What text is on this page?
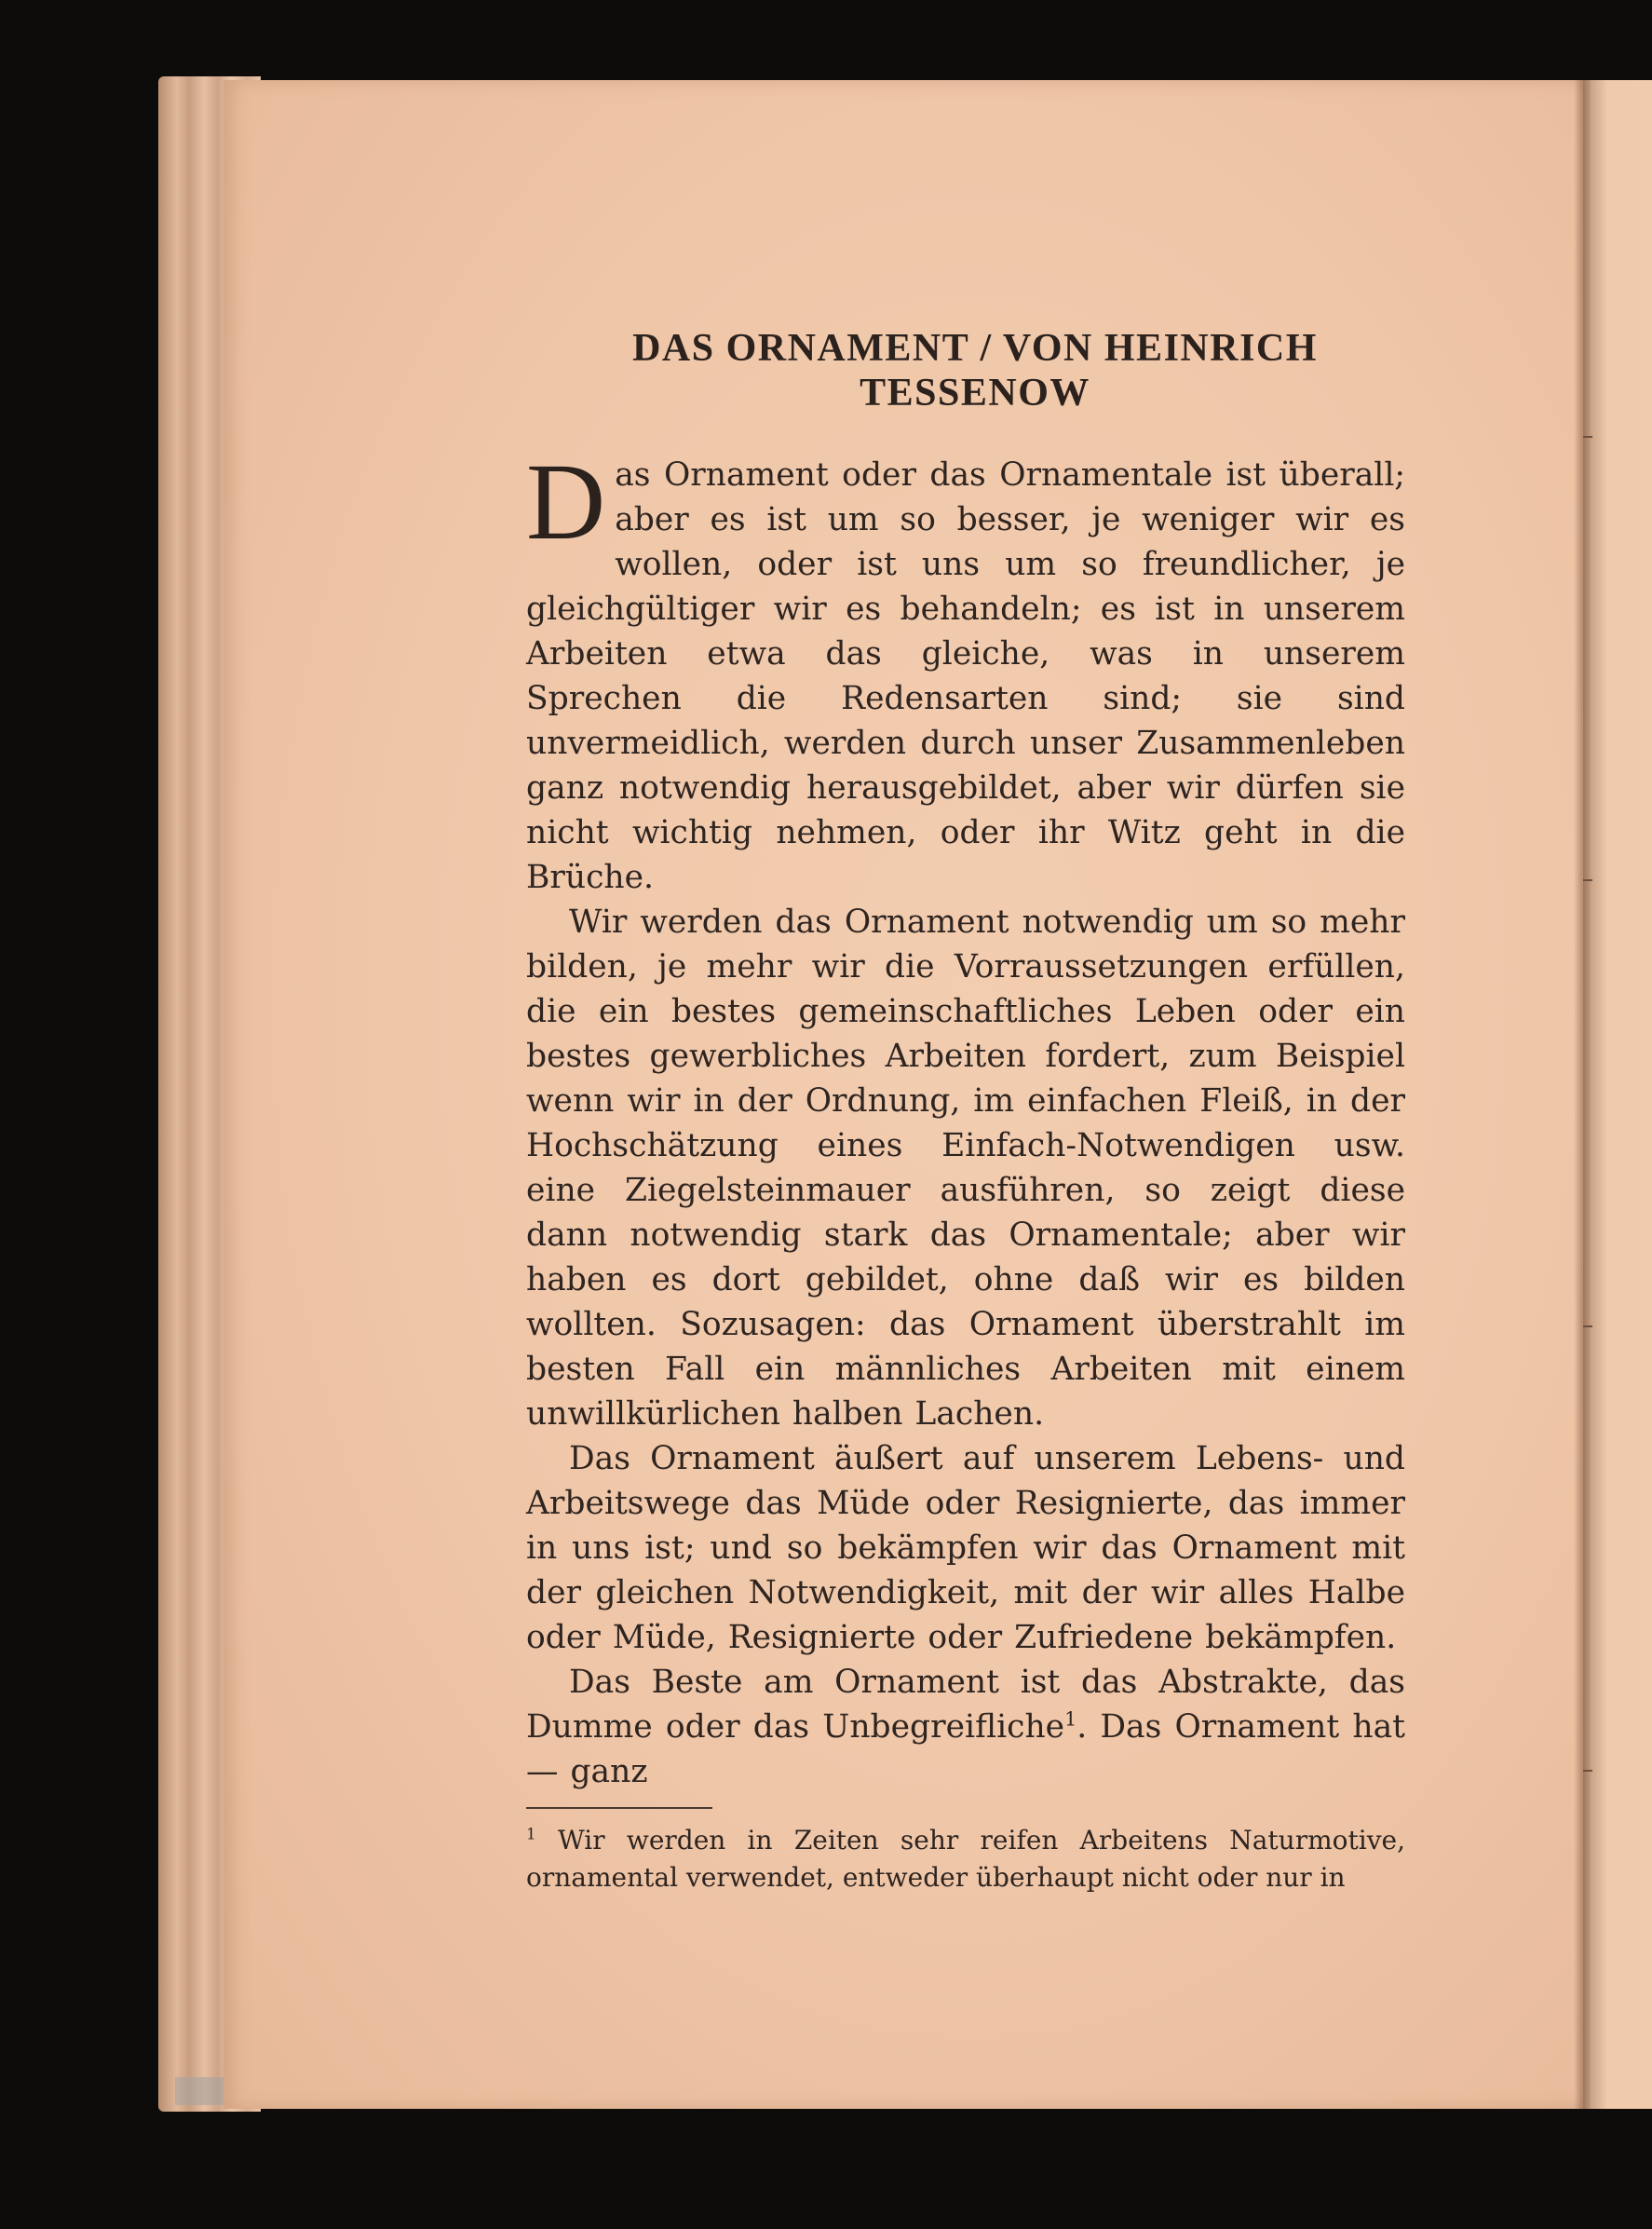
DAS ORNAMENT / VON HEINRICH
TESSENOW

Das Ornament oder das Ornamentale ist überall; aber es ist um so besser, je weniger wir es wollen, oder ist uns um so freundlicher, je gleichgültiger wir es behandeln; es ist in unserem Arbeiten etwa das gleiche, was in unserem Sprechen die Redensarten sind; sie sind unvermeidlich, werden durch unser Zusammenleben ganz notwendig herausgebildet, aber wir dürfen sie nicht wichtig nehmen, oder ihr Witz geht in die Brüche.

Wir werden das Ornament notwendig um so mehr bilden, je mehr wir die Vorraussetzungen erfüllen, die ein bestes gemeinschaftliches Leben oder ein bestes gewerbliches Arbeiten fordert, zum Beispiel wenn wir in der Ordnung, im einfachen Fleiß, in der Hochschätzung eines Einfach-Notwendigen usw. eine Ziegelsteinmauer ausführen, so zeigt diese dann notwendig stark das Ornamentale; aber wir haben es dort gebildet, ohne daß wir es bilden wollten. Sozusagen: das Ornament überstrahlt im besten Fall ein männliches Arbeiten mit einem unwillkürlichen halben Lachen.

Das Ornament äußert auf unserem Lebens- und Arbeitswege das Müde oder Resignierte, das immer in uns ist; und so bekämpfen wir das Ornament mit der gleichen Notwendigkeit, mit der wir alles Halbe oder Müde, Resignierte oder Zufriedene bekämpfen.

Das Beste am Ornament ist das Abstrakte, das Dumme oder das Unbegreifliche$^1$. Das Ornament hat — ganz

$^1$ Wir werden in Zeiten sehr reifen Arbeitens Naturmotive, ornamental verwendet, entweder überhaupt nicht oder nur in
